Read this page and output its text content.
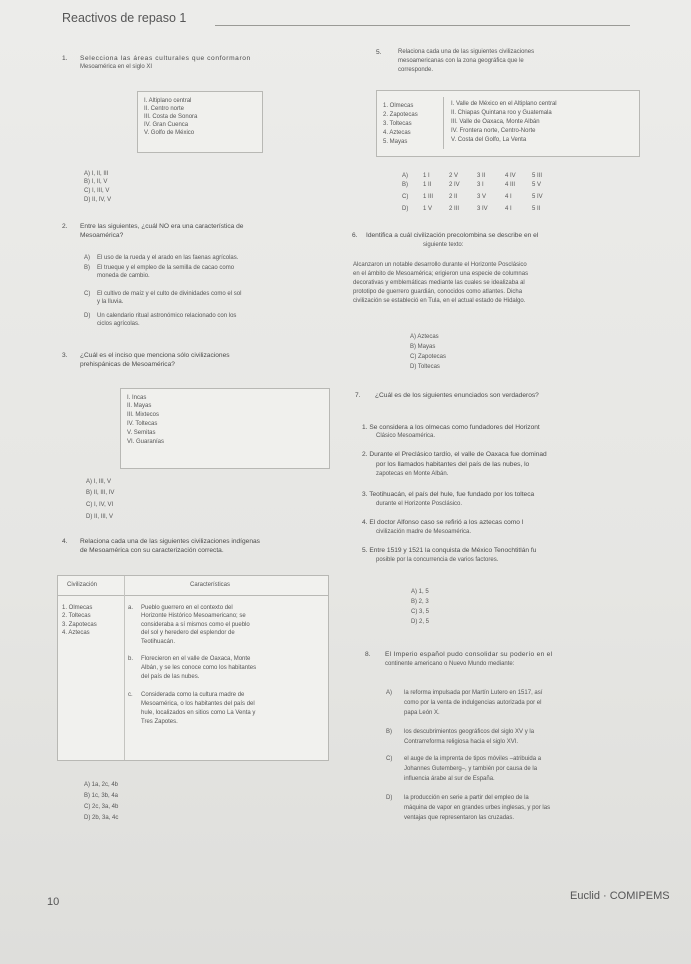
Reactivos de repaso 1
1. Selecciona las áreas culturales que conformaron
Mesoamérica en el siglo XI
I. Altiplano central
II. Centro norte
III. Costa de Sonora
IV. Gran Cuenca
V. Golfo de México
A) I, II, III
B) I, II, V
C) I, III, V
D) II, IV, V
2. Entre las siguientes, ¿cuál NO era una característica de
Mesoamérica?
A) El uso de la rueda y el arado en las faenas agrícolas.
B) El trueque y el empleo de la semilla de cacao como
moneda de cambio.
C) El cultivo de maíz y el culto de divinidades como el sol
y la lluvia.
D) Un calendario ritual astronómico relacionado con los
ciclos agrícolas.
3. ¿Cuál es el inciso que menciona sólo civilizaciones
prehispánicas de Mesoamérica?
I. Incas
II. Mayas
III. Mixtecos
IV. Toltecas
V. Semitas
VI. Guaranías
A) I, III, V
B) II, III, IV
C) I, IV, VI
D) II, III, V
4. Relaciona cada una de las siguientes civilizaciones indígenas
de Mesoamérica con su caracterización correcta.
Civilización	Características
1. Olmecas
2. Toltecas
3. Zapotecas
4. Aztecas
a. Pueblo guerrero en el contexto del
Horizonte Histórico Mesoamericano; se
consideraba a sí mismos como el pueblo
del sol y heredero del esplendor de
Teotihuacán.
b. Florecieron en el valle de Oaxaca, Monte
Albán, y se les conoce como los habitantes
del país de las nubes.
c. Considerada como la cultura madre de
Mesoamérica, o los habitantes del país del
hule, localizados en sitios como La Venta y
Tres Zapotes.
A) 1a, 2c, 4b
B) 1c, 3b, 4a
C) 2c, 3a, 4b
D) 2b, 3a, 4c
5.	Relaciona cada una de las siguientes civilizaciones
mesoamericanas con la zona geográfica que le
corresponde.
1. Olmecas
2. Zapotecas
3. Toltecas
4. Aztecas
5. Mayas
I. Valle de México en el Altiplano central
II. Chiapas Quintana roo y Guatemala
III. Valle de Oaxaca, Monte Albán
IV. Frontera norte, Centro-Norte
V. Costa del Golfo, La Venta
A)	1 I	2 V	3 II	4 IV	5 III
B)	1 II	2 IV	3 I	4 III	5 V
C) 1 III	2 II	3 V	4 I	5 IV
D) 1 V	2 III	3 IV	4 I	5 II
6. Identifica a cuál civilización precolombina se describe en el
siguiente texto:
Alcanzaron un notable desarrollo durante el Horizonte Posclásico
en el ámbito de Mesoamérica; erigieron una especie de columnas
decorativas y emblemáticas mediante las cuales se idealizaba al
prototipo de guerrero guardián, conocidos como atlantes. Dicha
civilización se estableció en Tula, en el actual estado de Hidalgo.
A) Aztecas
B) Mayas
C) Zapotecas
D) Toltecas
7. ¿Cuál es de los siguientes enunciados son verdaderos?
1. Se considera a los olmecas como fundadores del Horizont
Clásico Mesoamérica.
2. Durante el Preclásico tardío, el valle de Oaxaca fue dominad
por los llamados habitantes del país de las nubes, lo
zapotecas en Monte Albán.
3. Teotihuacán, el país del hule, fue fundado por los tolteca
durante el Horizonte Posclásico.
4. El doctor Alfonso caso se refirió a los aztecas como l
civilización madre de Mesoamérica.
5. Entre 1519 y 1521 la conquista de México Tenochtitlán fu
posible por la concurrencia de varios factores.
A) 1, 5
B) 2, 3
C) 3, 5
D) 2, 5
8. El Imperio español pudo consolidar su poderío en el
continente americano o Nuevo Mundo mediante:
A) la reforma impulsada por Martín Lutero en 1517, así
como por la venta de indulgencias autorizada por el
papa León X.
B) los descubrimientos geográficos del siglo XV y la
Contrarreforma religiosa hacia el siglo XVI.
C) el auge de la imprenta de tipos móviles –atribuida a
Johannes Gutemberg–, y también por causa de la
influencia árabe al sur de España.
D) la producción en serie a partir del empleo de la
máquina de vapor en grandes urbes inglesas, y por las
ventajas que representaron las cruzadas.
10	Euclid · COMIPEMS
